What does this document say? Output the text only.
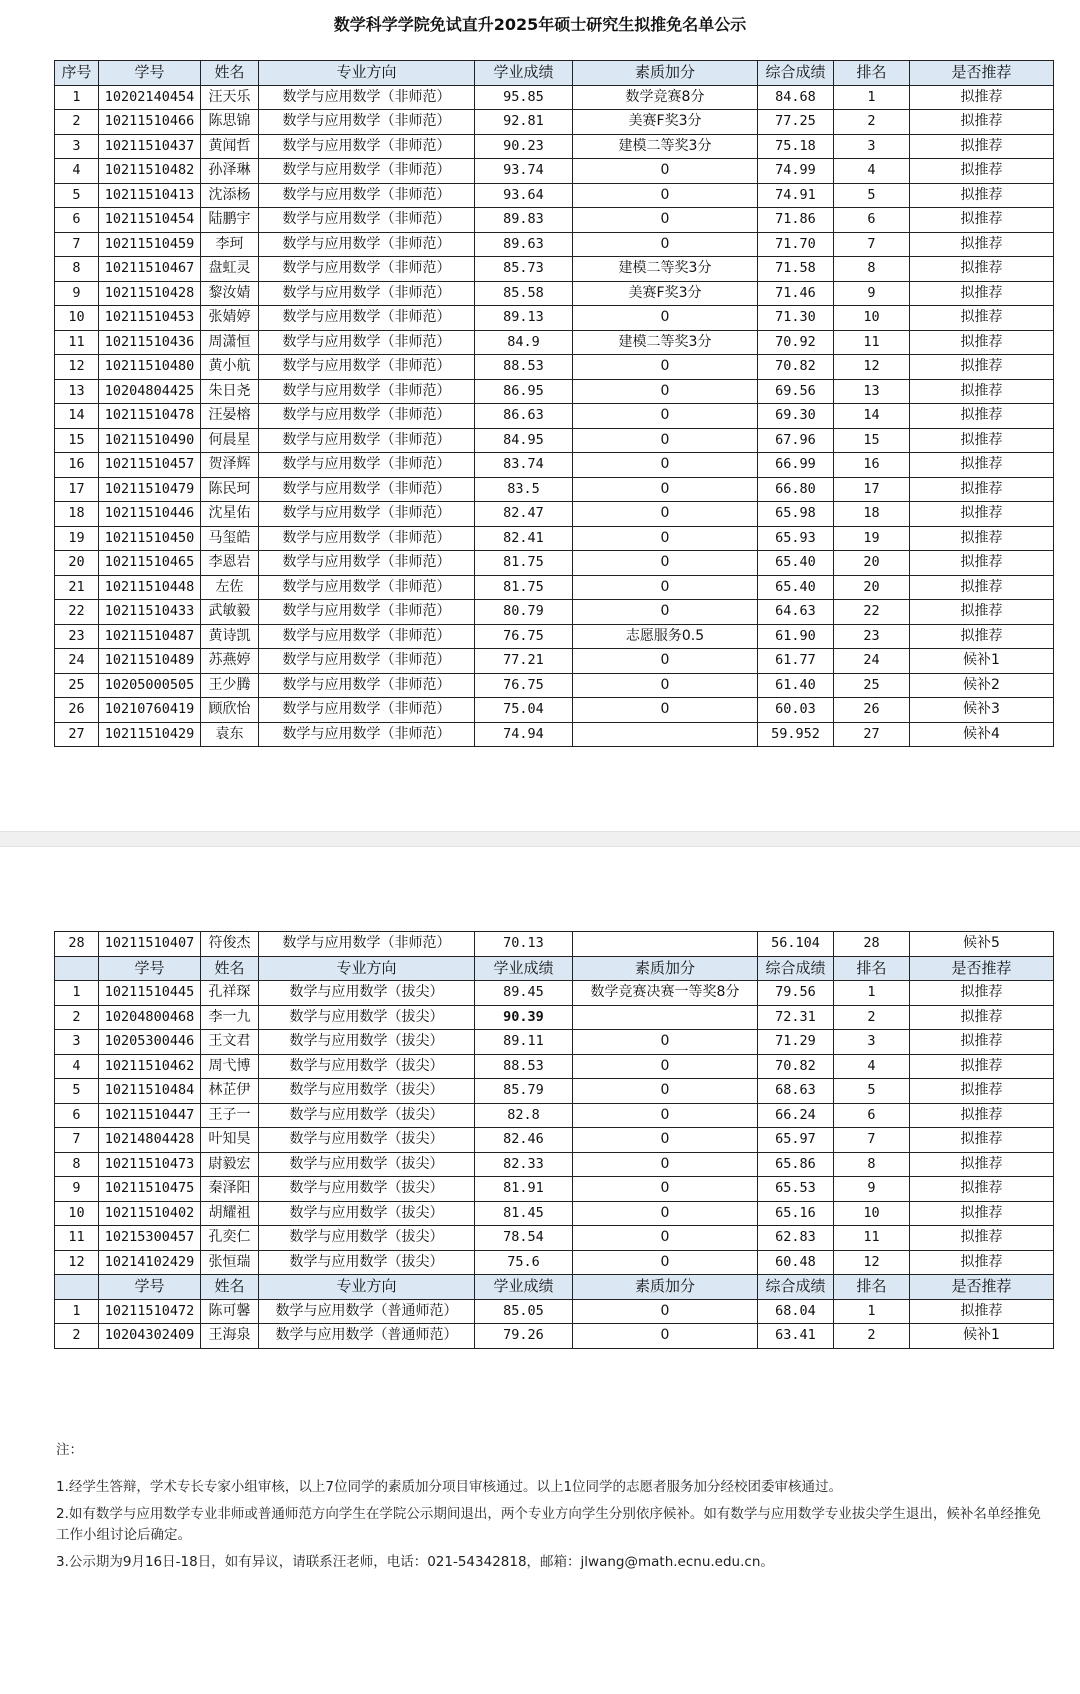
数学科学学院免试直升2025年硕士研究生拟推免名单公示
序号	学号	姓名	专业方向	学业成绩	素质加分	综合成绩	排名	是否推荐
1	10202140454	汪天乐	数学与应用数学（非师范）	95.85	数学竞赛8分	84.68	1	拟推荐
2	10211510466	陈思锦	数学与应用数学（非师范）	92.81	美赛F奖3分	77.25	2	拟推荐
3	10211510437	黄闻哲	数学与应用数学（非师范）	90.23	建模二等奖3分	75.18	3	拟推荐
4	10211510482	孙泽琳	数学与应用数学（非师范）	93.74	0	74.99	4	拟推荐
5	10211510413	沈添杨	数学与应用数学（非师范）	93.64	0	74.91	5	拟推荐
6	10211510454	陆鹏宇	数学与应用数学（非师范）	89.83	0	71.86	6	拟推荐
7	10211510459	李珂	数学与应用数学（非师范）	89.63	0	71.70	7	拟推荐
8	10211510467	盘虹灵	数学与应用数学（非师范）	85.73	建模二等奖3分	71.58	8	拟推荐
9	10211510428	黎汝婧	数学与应用数学（非师范）	85.58	美赛F奖3分	71.46	9	拟推荐
10	10211510453	张婧婷	数学与应用数学（非师范）	89.13	0	71.30	10	拟推荐
11	10211510436	周潇恒	数学与应用数学（非师范）	84.9	建模二等奖3分	70.92	11	拟推荐
12	10211510480	黄小航	数学与应用数学（非师范）	88.53	0	70.82	12	拟推荐
13	10204804425	朱日尧	数学与应用数学（非师范）	86.95	0	69.56	13	拟推荐
14	10211510478	汪晏榕	数学与应用数学（非师范）	86.63	0	69.30	14	拟推荐
15	10211510490	何晨星	数学与应用数学（非师范）	84.95	0	67.96	15	拟推荐
16	10211510457	贺泽辉	数学与应用数学（非师范）	83.74	0	66.99	16	拟推荐
17	10211510479	陈民珂	数学与应用数学（非师范）	83.5	0	66.80	17	拟推荐
18	10211510446	沈星佑	数学与应用数学（非师范）	82.47	0	65.98	18	拟推荐
19	10211510450	马玺皓	数学与应用数学（非师范）	82.41	0	65.93	19	拟推荐
20	10211510465	李恩岩	数学与应用数学（非师范）	81.75	0	65.40	20	拟推荐
21	10211510448	左佐	数学与应用数学（非师范）	81.75	0	65.40	20	拟推荐
22	10211510433	武敏毅	数学与应用数学（非师范）	80.79	0	64.63	22	拟推荐
23	10211510487	黄诗凯	数学与应用数学（非师范）	76.75	志愿服务0.5	61.90	23	拟推荐
24	10211510489	苏燕婷	数学与应用数学（非师范）	77.21	0	61.77	24	候补1
25	10205000505	王少腾	数学与应用数学（非师范）	76.75	0	61.40	25	候补2
26	10210760419	顾欣怡	数学与应用数学（非师范）	75.04	0	60.03	26	候补3
27	10211510429	袁东	数学与应用数学（非师范）	74.94		59.952	27	候补4
28	10211510407	符俊杰	数学与应用数学（非师范）	70.13		56.104	28	候补5
	学号	姓名	专业方向	学业成绩	素质加分	综合成绩	排名	是否推荐
1	10211510445	孔祥琛	数学与应用数学（拔尖）	89.45	数学竞赛决赛一等奖8分	79.56	1	拟推荐
2	10204800468	李一九	数学与应用数学（拔尖）	90.39		72.31	2	拟推荐
3	10205300446	王文君	数学与应用数学（拔尖）	89.11	0	71.29	3	拟推荐
4	10211510462	周弋博	数学与应用数学（拔尖）	88.53	0	70.82	4	拟推荐
5	10211510484	林芷伊	数学与应用数学（拔尖）	85.79	0	68.63	5	拟推荐
6	10211510447	王子一	数学与应用数学（拔尖）	82.8	0	66.24	6	拟推荐
7	10214804428	叶知昊	数学与应用数学（拔尖）	82.46	0	65.97	7	拟推荐
8	10211510473	尉毅宏	数学与应用数学（拔尖）	82.33	0	65.86	8	拟推荐
9	10211510475	秦泽阳	数学与应用数学（拔尖）	81.91	0	65.53	9	拟推荐
10	10211510402	胡耀祖	数学与应用数学（拔尖）	81.45	0	65.16	10	拟推荐
11	10215300457	孔奕仁	数学与应用数学（拔尖）	78.54	0	62.83	11	拟推荐
12	10214102429	张恒瑞	数学与应用数学（拔尖）	75.6	0	60.48	12	拟推荐
	学号	姓名	专业方向	学业成绩	素质加分	综合成绩	排名	是否推荐
1	10211510472	陈可馨	数学与应用数学（普通师范）	85.05	0	68.04	1	拟推荐
2	10204302409	王海泉	数学与应用数学（普通师范）	79.26	0	63.41	2	候补1
注：

1.经学生答辩，学术专长专家小组审核，以上7位同学的素质加分项目审核通过。以上1位同学的志愿者服务加分经校团委审核通过。

2.如有数学与应用数学专业非师或普通师范方向学生在学院公示期间退出，两个专业方向学生分别依序候补。如有数学与应用数学专业拔尖学生退出，候补名单经推免工作小组讨论后确定。

3.公示期为9月16日-18日，如有异议，请联系汪老师，电话：021-54342818，邮箱：jlwang@math.ecnu.edu.cn。
